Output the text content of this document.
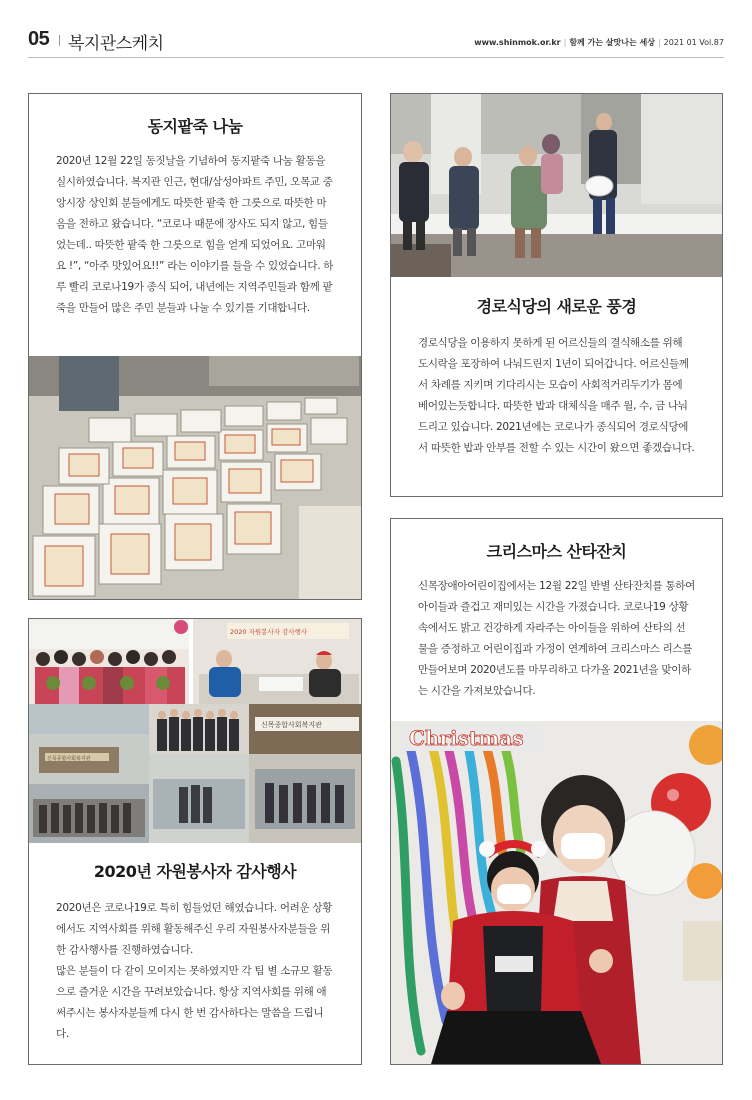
05 복지관스케치	www.shinmok.or.kr | 함께 가는 살맛나는 세상 | 2021 01 Vol.87
동지팥죽 나눔

2020년 12월 22일 동짓날을 기념하여 동지팥죽 나눔 활동을 실시하였습니다. 복지관 인근, 현대/삼성아파트 주민, 오목교 중앙시장 상인회 분들에게도 따뜻한 팥죽 한 그릇으로 따뜻한 마음을 전하고 왔습니다. “코로나 때문에 장사도 되지 않고, 힘들었는데.. 따뜻한 팥죽 한 그릇으로 힘을 얻게 되었어요. 고마워요 !”, “아주 맛있어요!!” 라는 이야기를 들을 수 있었습니다. 하루 빨리 코로나19가 종식 되어, 내년에는 지역주민들과 함께 팥죽을 만들어 많은 주민 분들과 나눌 수 있기를 기대합니다.	경로식당의 새로운 풍경

경로식당을 이용하지 못하게 된 어르신들의 결식해소를 위해 도시락을 포장하여 나눠드린지 1년이 되어갑니다. 어르신들께서 차례를 지키며 기다리시는 모습이 사회적거리두기가 몸에 베어있는듯합니다. 따뜻한 밥과 대체식을 매주 월, 수, 금 나눠 드리고 있습니다. 2021년에는 코로나가 종식되어 경로식당에서 따뜻한 밥과 안부를 전할 수 있는 시간이 왔으면 좋겠습니다.

크리스마스 산타잔치

신목장애아어린이집에서는 12월 22일 반별 산타잔치를 통하여 아이들과 즐겁고 재미있는 시간을 가졌습니다. 코로나19 상황 속에서도 밝고 건강하게 자라주는 아이들을 위하여 산타의 선물을 증정하고 어린이집과 가정이 연계하여 크리스마스 리스를 만들어보며 2020년도를 마무리하고 다가올 2021년을 맞이하는 시간을 가져보았습니다.

Christmas
2020 자원봉사자 감사행사
신목종합사회복지관
신목종합사회복지관
2020년 자원봉사자 감사행사

2020년은 코로나19로 특히 힘들었던 해였습니다. 어려운 상황에서도 지역사회를 위해 활동해주신 우리 자원봉사자분들을 위한 감사행사를 진행하였습니다.

많은 분들이 다 같이 모이지는 못하였지만 각 팀 별 소규모 활동으로 즐거운 시간을 꾸려보았습니다. 항상 지역사회를 위해 애써주시는 봉사자분들께 다시 한 번 감사하다는 말씀을 드립니다.
